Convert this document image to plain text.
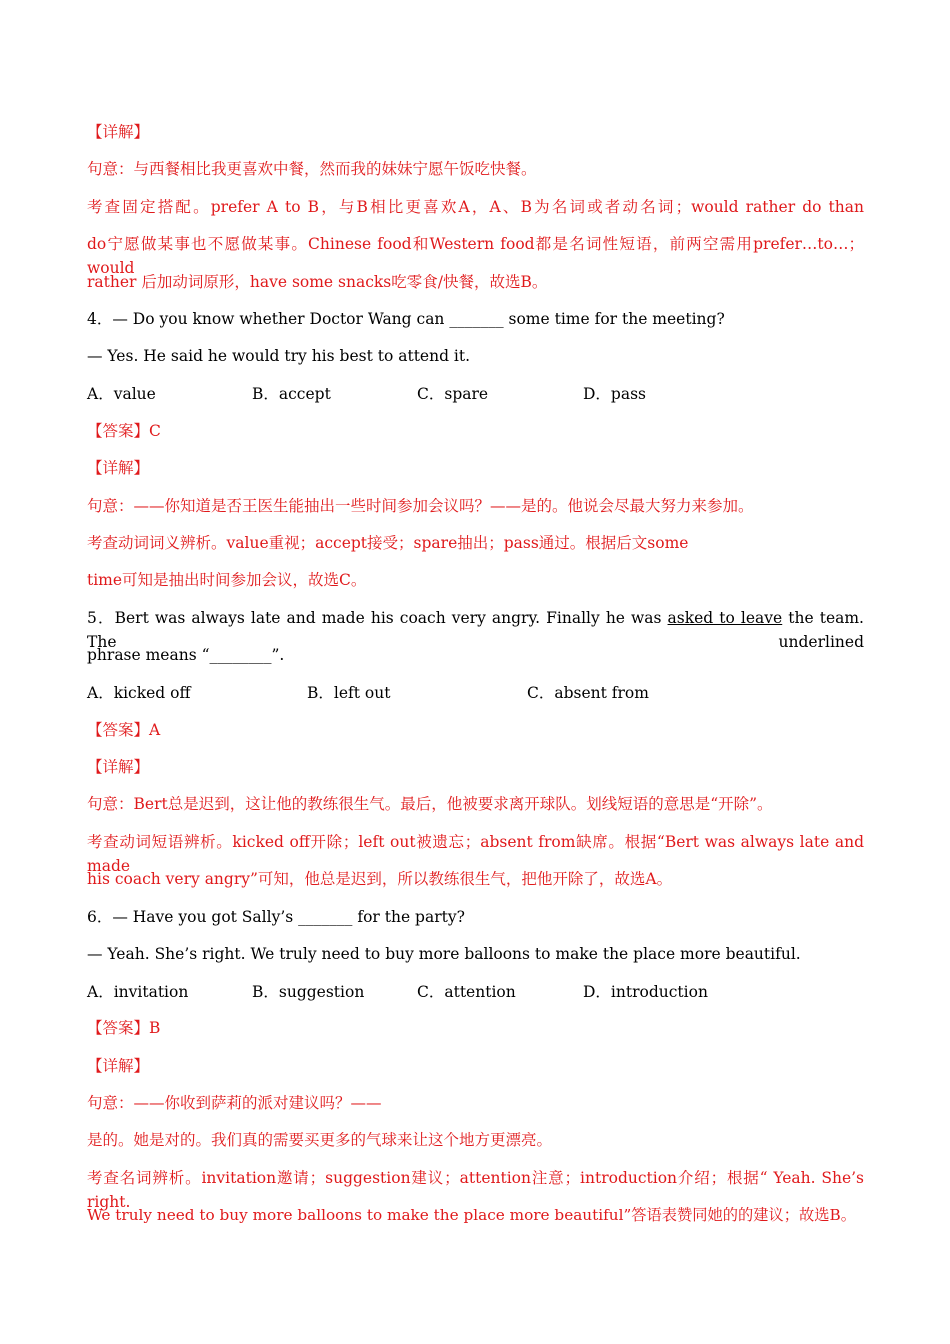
【详解】
句意：与西餐相比我更喜欢中餐，然而我的妹妹宁愿午饭吃快餐。
考查固定搭配。prefer A to B，与B相比更喜欢A，A、B为名词或者动名词；would rather do than
do宁愿做某事也不愿做某事。Chinese food和Western food都是名词性短语，前两空需用prefer…to…；would
rather 后加动词原形，have some snacks吃零食/快餐，故选B。
4．— Do you know whether Doctor Wang can _______ some time for the meeting?
— Yes. He said he would try his best to attend it.
A．value	B．accept	C．spare	D．pass
【答案】C
【详解】
句意：——你知道是否王医生能抽出一些时间参加会议吗？——是的。他说会尽最大努力来参加。
考查动词词义辨析。value重视；accept接受；spare抽出；pass通过。根据后文some
time可知是抽出时间参加会议，故选C。
5．Bert was always late and made his coach very angry. Finally he was asked to leave the team. The underlined
phrase means “________”.
A．kicked off	B．left out	C．absent from
【答案】A
【详解】
句意：Bert总是迟到，这让他的教练很生气。最后，他被要求离开球队。划线短语的意思是“开除”。
考查动词短语辨析。kicked off开除；left out被遗忘；absent from缺席。根据“Bert was always late and made
his coach very angry”可知，他总是迟到，所以教练很生气，把他开除了，故选A。
6．— Have you got Sally’s _______ for the party?
— Yeah. She’s right. We truly need to buy more balloons to make the place more beautiful.
A．invitation	B．suggestion	C．attention	D．introduction
【答案】B
【详解】
句意：——你收到萨莉的派对建议吗？——
是的。她是对的。我们真的需要买更多的气球来让这个地方更漂亮。
考查名词辨析。invitation邀请；suggestion建议；attention注意；introduction介绍；根据“ Yeah. She’s right.
We truly need to buy more balloons to make the place more beautiful”答语表赞同她的的建议；故选B。
